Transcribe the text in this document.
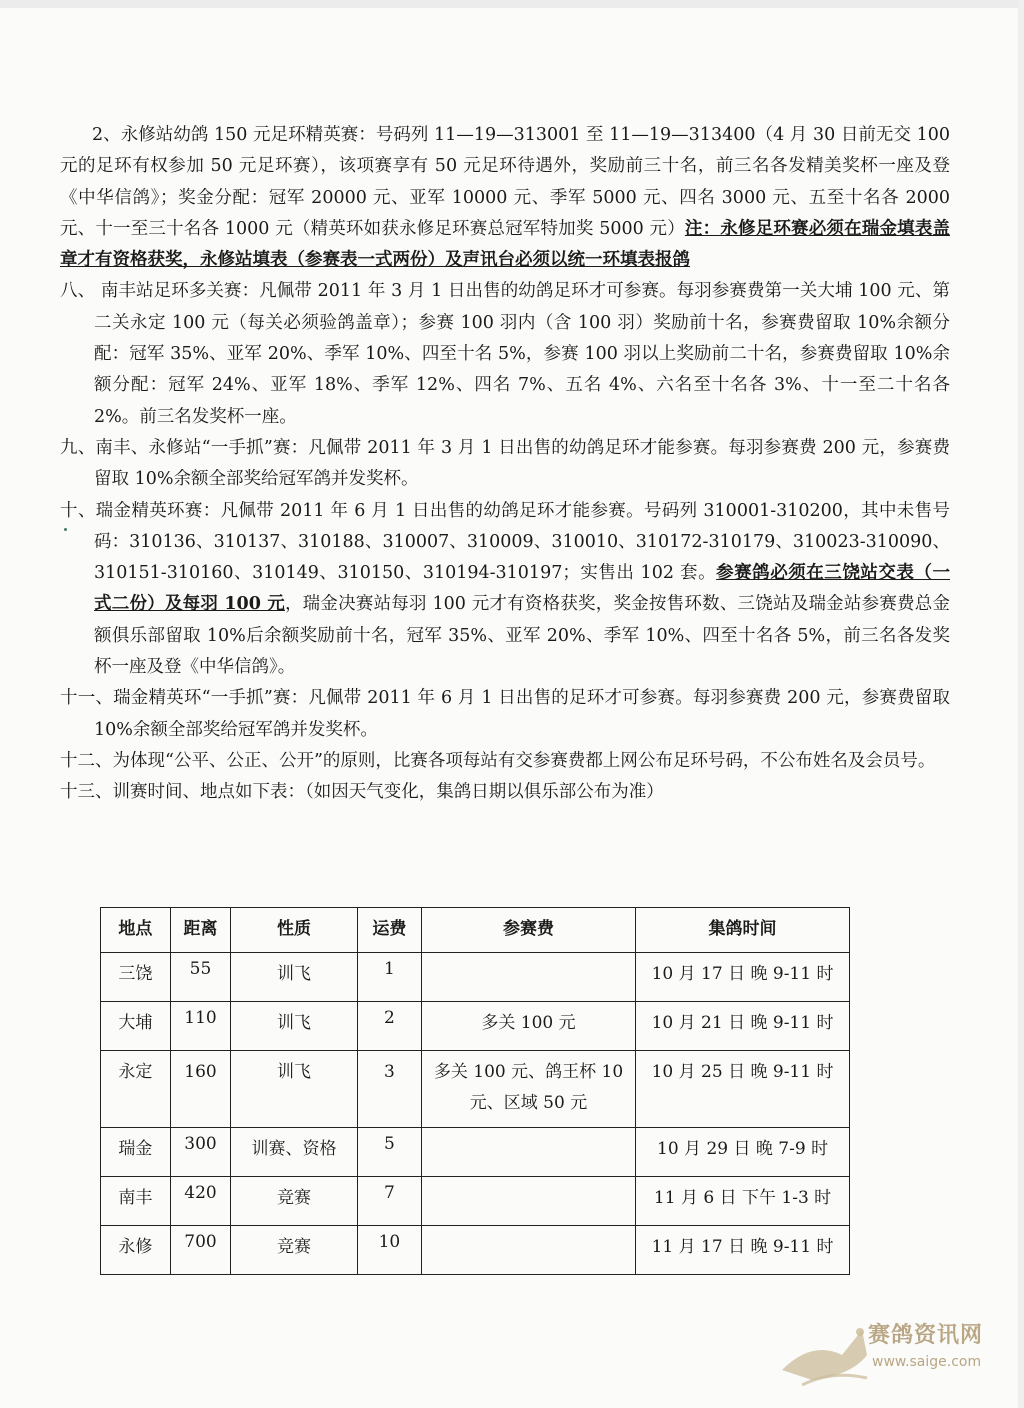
2、永修站幼鸽 150 元足环精英赛：号码列 11—19—313001 至 11—19—313400（4 月 30 日前无交 100 元的足环有权参加 50 元足环赛），该项赛享有 50 元足环待遇外，奖励前三十名，前三名各发精美奖杯一座及登《中华信鸽》；奖金分配：冠军 20000 元、亚军 10000 元、季军 5000 元、四名 3000 元、五至十名各 2000 元、十一至三十名各 1000 元（精英环如获永修足环赛总冠军特加奖 5000 元）注：永修足环赛必须在瑞金填表盖章才有资格获奖，永修站填表（参赛表一式两份）及声讯台必须以统一环填表报鸽

八、 南丰站足环多关赛：凡佩带 2011 年 3 月 1 日出售的幼鸽足环才可参赛。每羽参赛费第一关大埔 100 元、第二关永定 100 元（每关必须验鸽盖章）；参赛 100 羽内（含 100 羽）奖励前十名，参赛费留取 10%余额分配：冠军 35%、亚军 20%、季军 10%、四至十名 5%，参赛 100 羽以上奖励前二十名，参赛费留取 10%余额分配：冠军 24%、亚军 18%、季军 12%、四名 7%、五名 4%、六名至十名各 3%、十一至二十名各 2%。前三名发奖杯一座。

九、南丰、永修站“一手抓”赛：凡佩带 2011 年 3 月 1 日出售的幼鸽足环才能参赛。每羽参赛费 200 元，参赛费留取 10%余额全部奖给冠军鸽并发奖杯。

十、瑞金精英环赛：凡佩带 2011 年 6 月 1 日出售的幼鸽足环才能参赛。号码列 310001-310200，其中未售号码：310136、310137、310188、310007、310009、310010、310172-310179、310023-310090、310151-310160、310149、310150、310194-310197；实售出 102 套。参赛鸽必须在三饶站交表（一式二份）及每羽 100 元，瑞金决赛站每羽 100 元才有资格获奖，奖金按售环数、三饶站及瑞金站参赛费总金额俱乐部留取 10%后余额奖励前十名，冠军 35%、亚军 20%、季军 10%、四至十名各 5%，前三名各发奖杯一座及登《中华信鸽》。

十一、瑞金精英环“一手抓”赛：凡佩带 2011 年 6 月 1 日出售的足环才可参赛。每羽参赛费 200 元，参赛费留取 10%余额全部奖给冠军鸽并发奖杯。

十二、为体现“公平、公正、公开”的原则，比赛各项每站有交参赛费都上网公布足环号码，不公布姓名及会员号。

十三、训赛时间、地点如下表：（如因天气变化，集鸽日期以俱乐部公布为准）

地点	距离	性质	运费	参赛费	集鸽时间
三饶	55	训飞	1		10 月 17 日 晚 9-11 时
大埔	110	训飞	2	多关 100 元	10 月 21 日 晚 9-11 时
永定	160	训飞	3	多关 100 元、鸽王杯 10 元、区域 50 元	10 月 25 日 晚 9-11 时
瑞金	300	训赛、资格	5		10 月 29 日 晚 7-9 时
南丰	420	竞赛	7		11 月 6 日 下午 1-3 时
永修	700	竞赛	10		11 月 17 日 晚 9-11 时
赛鸽资讯网
www.saige.com
